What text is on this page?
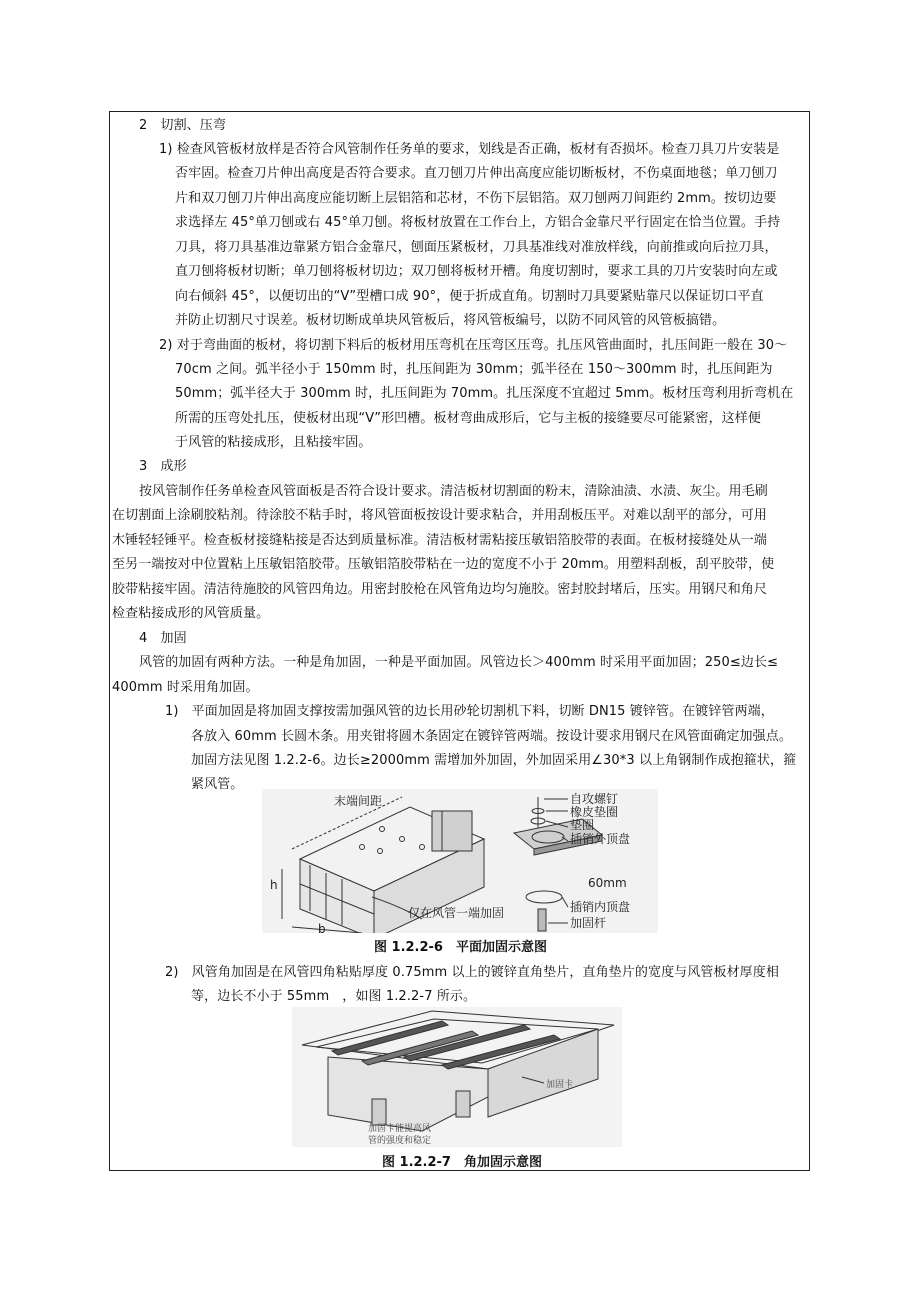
2　切割、压弯
1) 检查风管板材放样是否符合风管制作任务单的要求，划线是否正确，板材有否损坏。检查刀具刀片安装是
否牢固。检查刀片伸出高度是否符合要求。直刀刨刀片伸出高度应能切断板材，不伤桌面地毯；单刀刨刀
片和双刀刨刀片伸出高度应能切断上层铝箔和芯材，不伤下层铝箔。双刀刨两刀间距约 2mm。按切边要
求选择左 45°单刀刨或右 45°单刀刨。将板材放置在工作台上，方铝合金靠尺平行固定在恰当位置。手持
刀具，将刀具基准边靠紧方铝合金靠尺，刨面压紧板材，刀具基准线对准放样线，向前推或向后拉刀具，
直刀刨将板材切断；单刀刨将板材切边；双刀刨将板材开槽。角度切割时，要求工具的刀片安装时向左或
向右倾斜 45°，以便切出的“V”型槽口成 90°，便于折成直角。切割时刀具要紧贴靠尺以保证切口平直
并防止切割尺寸误差。板材切断成单块风管板后，将风管板编号，以防不同风管的风管板搞错。
2) 对于弯曲面的板材，将切割下料后的板材用压弯机在压弯区压弯。扎压风管曲面时，扎压间距一般在 30～
70cm 之间。弧半径小于 150mm 时，扎压间距为 30mm；弧半径在 150～300mm 时，扎压间距为
50mm；弧半径大于 300mm 时，扎压间距为 70mm。扎压深度不宜超过 5mm。板材压弯利用折弯机在
所需的压弯处扎压，使板材出现“V”形凹槽。板材弯曲成形后，它与主板的接缝要尽可能紧密，这样便
于风管的粘接成形，且粘接牢固。
3　成形
按风管制作任务单检查风管面板是否符合设计要求。清洁板材切割面的粉末，清除油渍、水渍、灰尘。用毛刷
在切割面上涂刷胶粘剂。待涂胶不粘手时，将风管面板按设计要求粘合，并用刮板压平。对难以刮平的部分，可用
木锤轻轻锤平。检查板材接缝粘接是否达到质量标准。清洁板材需粘接压敏铝箔胶带的表面。在板材接缝处从一端
至另一端按对中位置粘上压敏铝箔胶带。压敏铝箔胶带粘在一边的宽度不小于 20mm。用塑料刮板，刮平胶带，使
胶带粘接牢固。清洁待施胶的风管四角边。用密封胶枪在风管角边均匀施胶。密封胶封堵后，压实。用钢尺和角尺
检查粘接成形的风管质量。
4　加固
风管的加固有两种方法。一种是角加固，一种是平面加固。风管边长＞400mm 时采用平面加固；250≤边长≤
400mm 时采用角加固。
1)　平面加固是将加固支撑按需加强风管的边长用砂轮切割机下料，切断 DN15 镀锌管。在镀锌管两端，
各放入 60mm 长圆木条。用夹钳将圆木条固定在镀锌管两端。按设计要求用钢尺在风管面确定加强点。
加固方法见图 1.2.2-6。边长≥2000mm 需增加外加固，外加固采用∠30*3 以上角钢制作成抱箍状，箍
紧风管。
末端间距	自攻螺钉
橡皮垫圈
垫圈
插销外顶盘
60mm
插销内顶盘
加固杆
仅在风管一端加固
h
b
图 1.2.2-6　平面加固示意图
2)　风管角加固是在风管四角粘贴厚度 0.75mm 以上的镀锌直角垫片，直角垫片的宽度与风管板材厚度相
等，边长不小于 55mm　，如图 1.2.2-7 所示。
加固卡
加固卡能提高风
管的强度和稳定
图 1.2.2-7　角加固示意图
